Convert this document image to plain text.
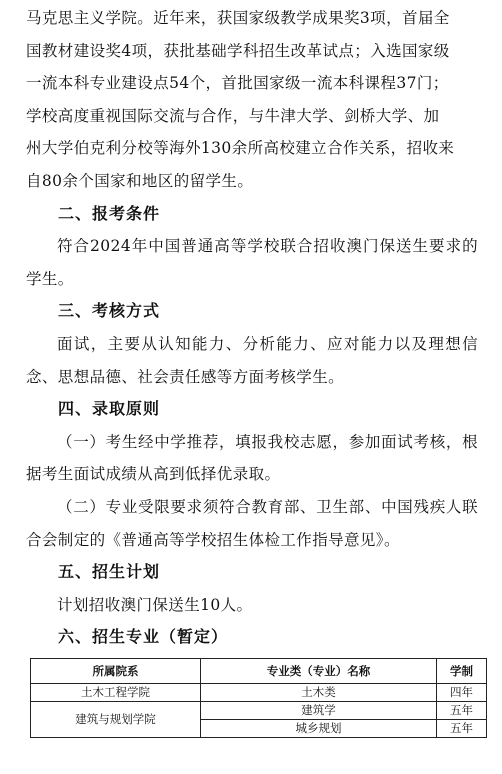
马克思主义学院。近年来，获国家级教学成果奖3项，首届全

国教材建设奖4项，获批基础学科招生改革试点；入选国家级

一流本科专业建设点54个，首批国家级一流本科课程37门；

学校高度重视国际交流与合作，与牛津大学、剑桥大学、加

州大学伯克利分校等海外130余所高校建立合作关系，招收来

自80余个国家和地区的留学生。

二、报考条件

符合2024年中国普通高等学校联合招收澳门保送生要求的学生。

三、考核方式

面试，主要从认知能力、分析能力、应对能力以及理想信念、思想品德、社会责任感等方面考核学生。

四、录取原则

（一）考生经中学推荐，填报我校志愿，参加面试考核，根据考生面试成绩从高到低择优录取。

（二）专业受限要求须符合教育部、卫生部、中国残疾人联合会制定的《普通高等学校招生体检工作指导意见》。

五、招生计划

计划招收澳门保送生10人。

六、招生专业（暂定）
所属院系	专业类（专业）名称	学制
土木工程学院	土木类	四年
建筑与规划学院	建筑学	五年
	城乡规划	五年
